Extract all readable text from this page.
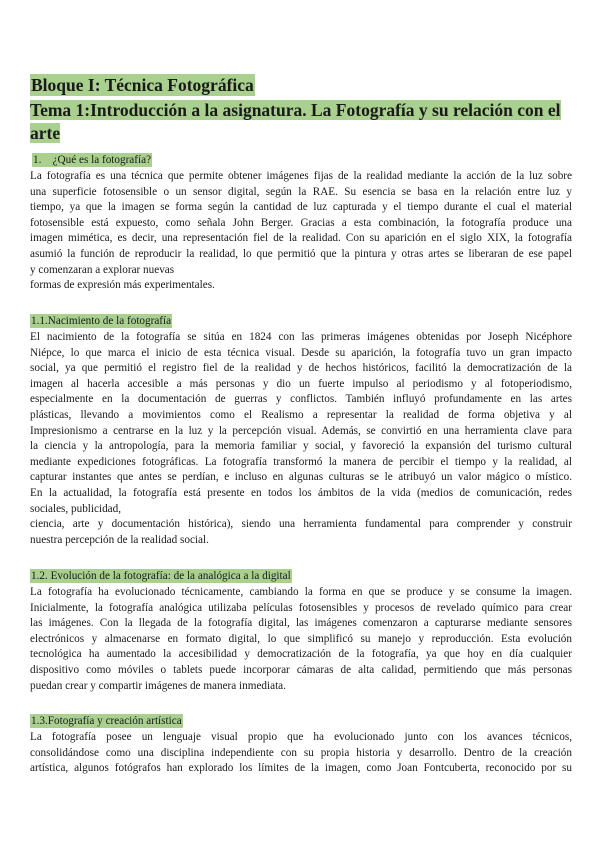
Bloque I: Técnica Fotográfica
Tema 1:Introducción a la asignatura. La Fotografía y su relación con el arte
1.    ¿Qué es la fotografía?
La fotografía es una técnica que permite obtener imágenes fijas de la realidad mediante la acción de la luz sobre
una superficie fotosensible o un sensor digital, según la RAE. Su esencia se basa en la relación entre luz y
tiempo, ya que la imagen se forma según la cantidad de luz capturada y el tiempo durante el cual el material
fotosensible está expuesto, como señala John Berger. Gracias a esta combinación, la fotografía produce una
imagen mimética, es decir, una representación fiel de la realidad. Con su aparición en el siglo XIX, la fotografía
asumió la función de reproducir la realidad, lo que permitió que la pintura y otras artes se liberaran de ese papel
y comenzaran a explorar nuevas
formas de expresión más experimentales.
1.1.Nacimiento de la fotografía
El nacimiento de la fotografía se sitúa en 1824 con las primeras imágenes obtenidas por Joseph Nicéphore
Niépce, lo que marca el inicio de esta técnica visual. Desde su aparición, la fotografía tuvo un gran impacto
social, ya que permitió el registro fiel de la realidad y de hechos históricos, facilitó la democratización de la
imagen al hacerla accesible a más personas y dio un fuerte impulso al periodismo y al fotoperiodismo,
especialmente en la documentación de guerras y conflictos. También influyó profundamente en las artes
plásticas, llevando a movimientos como el Realismo a representar la realidad de forma objetiva y al
Impresionismo a centrarse en la luz y la percepción visual. Además, se convirtió en una herramienta clave para
la ciencia y la antropología, para la memoria familiar y social, y favoreció la expansión del turismo cultural
mediante expediciones fotográficas. La fotografía transformó la manera de percibir el tiempo y la realidad, al
capturar instantes que antes se perdían, e incluso en algunas culturas se le atribuyó un valor mágico o místico.
En la actualidad, la fotografía está presente en todos los ámbitos de la vida (medios de comunicación, redes
sociales, publicidad,
ciencia, arte y documentación histórica), siendo una herramienta fundamental para comprender y construir
nuestra percepción de la realidad social.
1.2. Evolución de la fotografía: de la analógica a la digital
La fotografía ha evolucionado técnicamente, cambiando la forma en que se produce y se consume la imagen.
Inicialmente, la fotografía analógica utilizaba películas fotosensibles y procesos de revelado químico para crear
las imágenes. Con la llegada de la fotografía digital, las imágenes comenzaron a capturarse mediante sensores
electrónicos y almacenarse en formato digital, lo que simplificó su manejo y reproducción. Esta evolución
tecnológica ha aumentado la accesibilidad y democratización de la fotografía, ya que hoy en día cualquier
dispositivo como móviles o tablets puede incorporar cámaras de alta calidad, permitiendo que más personas
puedan crear y compartir imágenes de manera inmediata.
1.3.Fotografía y creación artística
La fotografía posee un lenguaje visual propio que ha evolucionado junto con los avances técnicos,
consolidándose como una disciplina independiente con su propia historia y desarrollo. Dentro de la creación
artística, algunos fotógrafos han explorado los límites de la imagen, como Joan Fontcuberta, reconocido por su
